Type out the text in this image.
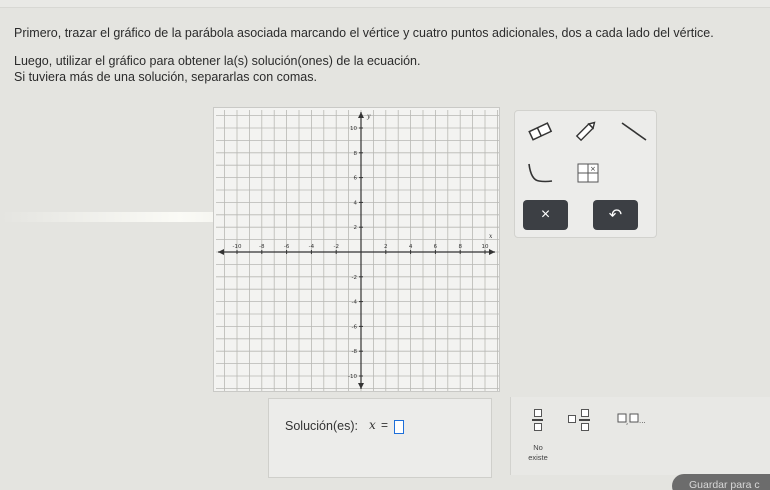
Primero, trazar el gráfico de la parábola asociada marcando el vértice y cuatro puntos adicionales, dos a cada lado del vértice.

Luego, utilizar el gráfico para obtener la(s) solución(ones) de la ecuación.

Si tuviera más de una solución, separarlas con comas.

x
y
-10	-8	-6	-4	-2	2	4	6	8	10
10
8
6
4
2
-2
-4
-6
-8
-10
×
×	↶
Solución(es): x =	, ...
No
existe
Guardar para c
